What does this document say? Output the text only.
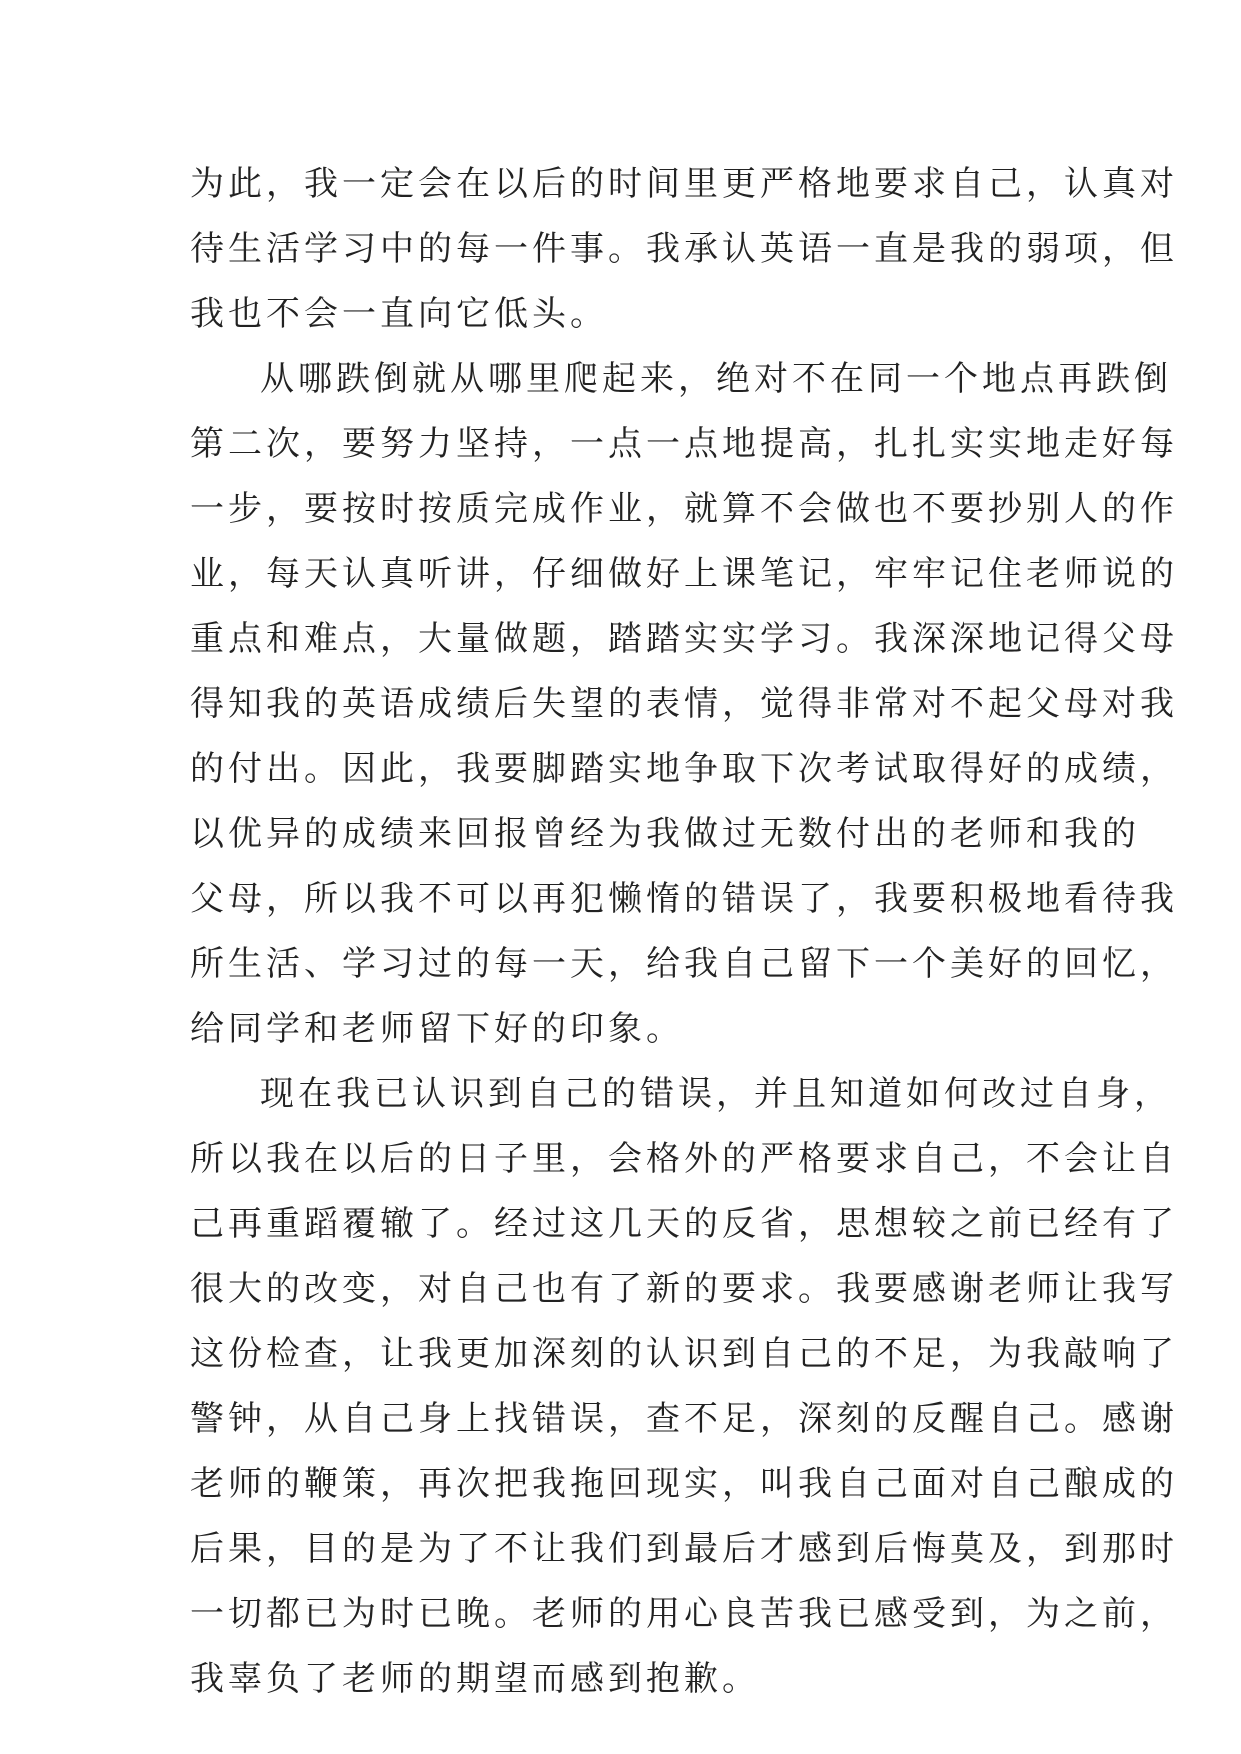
为此，我一定会在以后的时间里更严格地要求自己，认真对
待生活学习中的每一件事。我承认英语一直是我的弱项，但
我也不会一直向它低头。
从哪跌倒就从哪里爬起来，绝对不在同一个地点再跌倒
第二次，要努力坚持，一点一点地提高，扎扎实实地走好每
一步，要按时按质完成作业，就算不会做也不要抄别人的作
业，每天认真听讲，仔细做好上课笔记，牢牢记住老师说的
重点和难点，大量做题，踏踏实实学习。我深深地记得父母
得知我的英语成绩后失望的表情，觉得非常对不起父母对我
的付出。因此，我要脚踏实地争取下次考试取得好的成绩，
以优异的成绩来回报曾经为我做过无数付出的老师和我的
父母，所以我不可以再犯懒惰的错误了，我要积极地看待我
所生活、学习过的每一天，给我自己留下一个美好的回忆，
给同学和老师留下好的印象。
现在我已认识到自己的错误，并且知道如何改过自身，
所以我在以后的日子里，会格外的严格要求自己，不会让自
己再重蹈覆辙了。经过这几天的反省，思想较之前已经有了
很大的改变，对自己也有了新的要求。我要感谢老师让我写
这份检查，让我更加深刻的认识到自己的不足，为我敲响了
警钟，从自己身上找错误，查不足，深刻的反醒自己。感谢
老师的鞭策，再次把我拖回现实，叫我自己面对自己酿成的
后果，目的是为了不让我们到最后才感到后悔莫及，到那时
一切都已为时已晚。老师的用心良苦我已感受到，为之前，
我辜负了老师的期望而感到抱歉。
